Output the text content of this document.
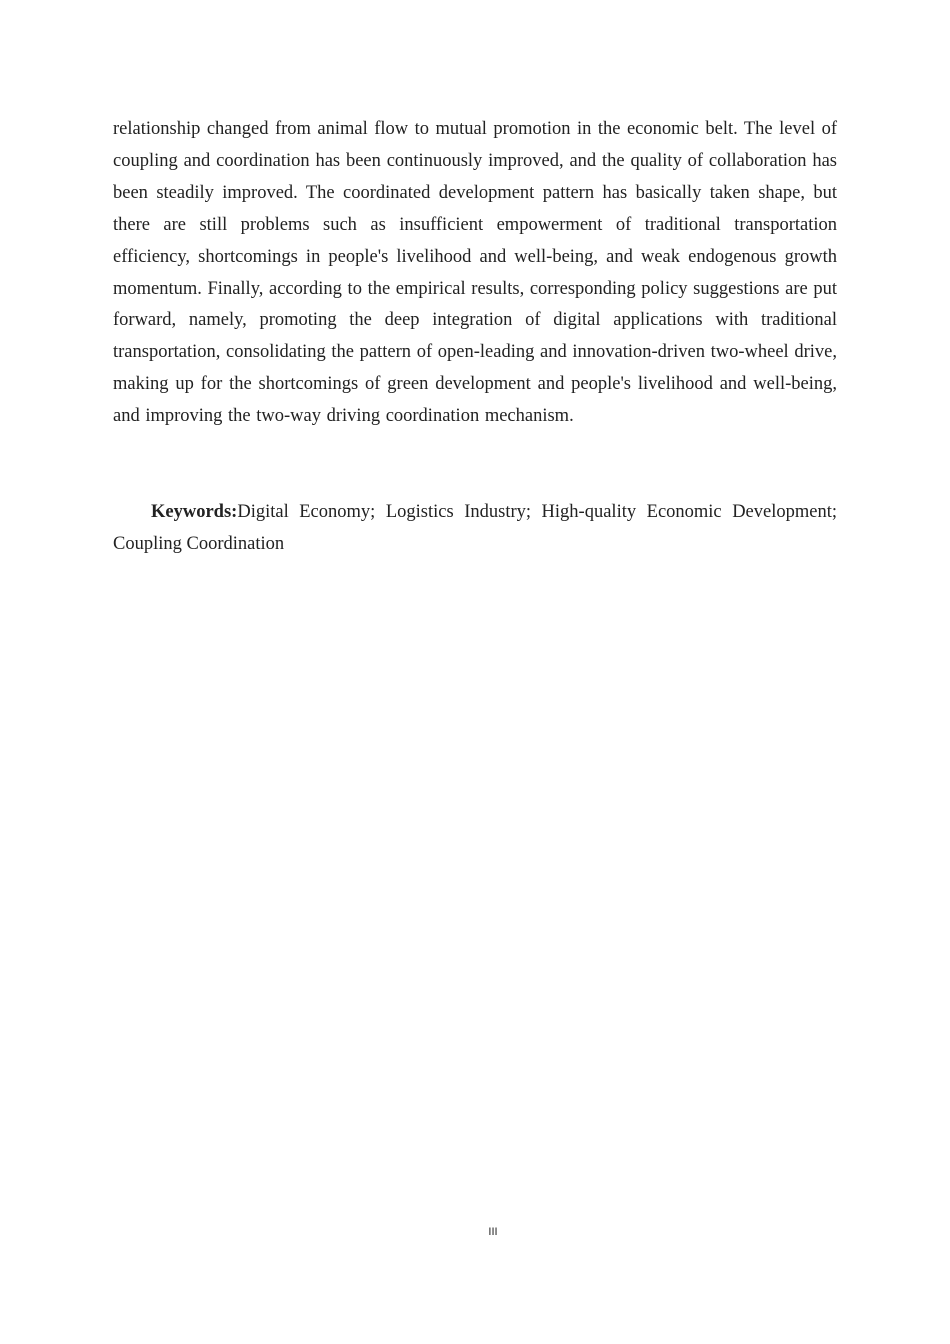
relationship changed from animal flow to mutual promotion in the economic belt. The level of coupling and coordination has been continuously improved, and the quality of collaboration has been steadily improved. The coordinated development pattern has basically taken shape, but there are still problems such as insufficient empowerment of traditional transportation efficiency, shortcomings in people's livelihood and well-being, and weak endogenous growth momentum. Finally, according to the empirical results, corresponding policy suggestions are put forward, namely, promoting the deep integration of digital applications with traditional transportation, consolidating the pattern of open-leading and innovation-driven two-wheel drive, making up for the shortcomings of green development and people's livelihood and well-being, and improving the two-way driving coordination mechanism.

Keywords:Digital Economy; Logistics Industry; High-quality Economic Development; Coupling Coordination

III
